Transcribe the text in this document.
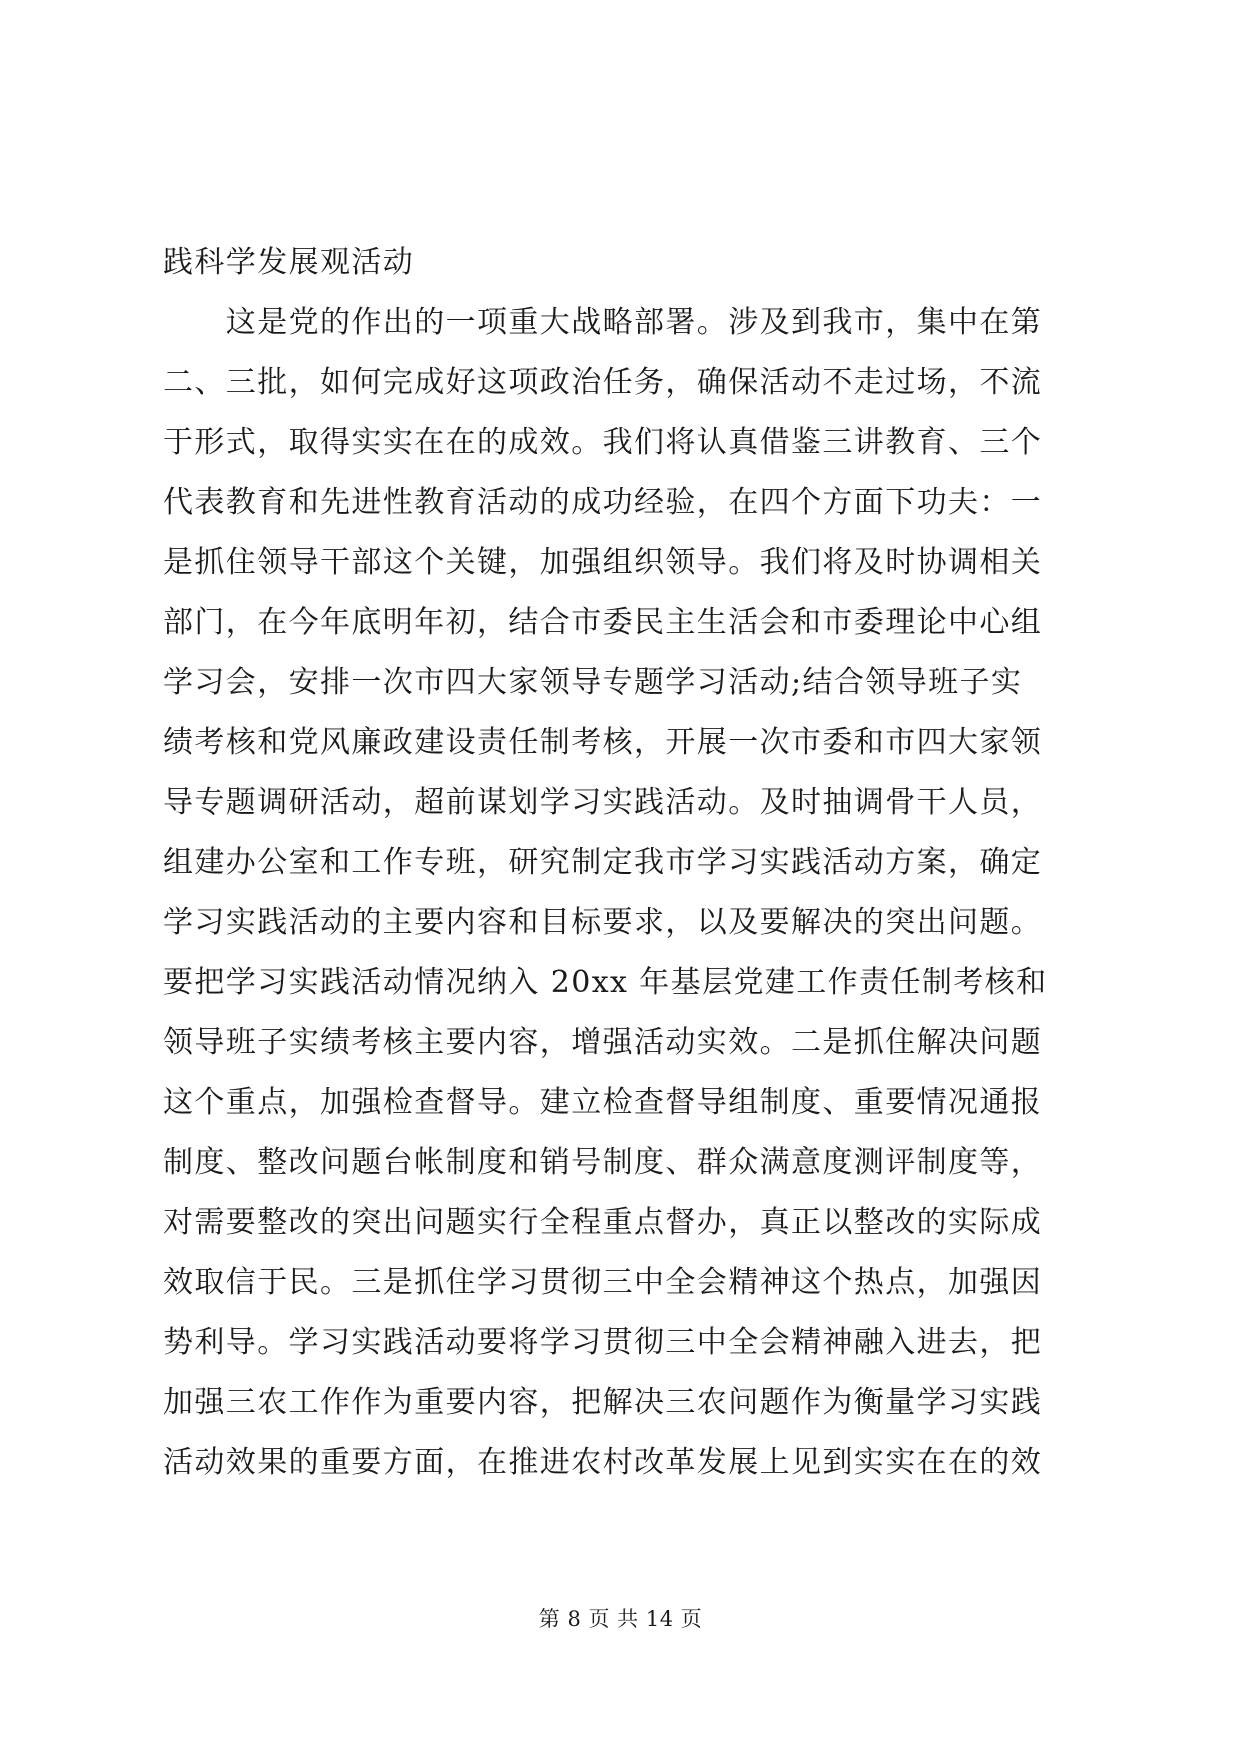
践科学发展观活动
　　这是党的作出的一项重大战略部署。涉及到我市，集中在第
二、三批，如何完成好这项政治任务，确保活动不走过场，不流
于形式，取得实实在在的成效。我们将认真借鉴三讲教育、三个
代表教育和先进性教育活动的成功经验，在四个方面下功夫：一
是抓住领导干部这个关键，加强组织领导。我们将及时协调相关
部门，在今年底明年初，结合市委民主生活会和市委理论中心组
学习会，安排一次市四大家领导专题学习活动;结合领导班子实
绩考核和党风廉政建设责任制考核，开展一次市委和市四大家领
导专题调研活动，超前谋划学习实践活动。及时抽调骨干人员，
组建办公室和工作专班，研究制定我市学习实践活动方案，确定
学习实践活动的主要内容和目标要求，以及要解决的突出问题。
要把学习实践活动情况纳入 20xx 年基层党建工作责任制考核和
领导班子实绩考核主要内容，增强活动实效。二是抓住解决问题
这个重点，加强检查督导。建立检查督导组制度、重要情况通报
制度、整改问题台帐制度和销号制度、群众满意度测评制度等，
对需要整改的突出问题实行全程重点督办，真正以整改的实际成
效取信于民。三是抓住学习贯彻三中全会精神这个热点，加强因
势利导。学习实践活动要将学习贯彻三中全会精神融入进去，把
加强三农工作作为重要内容，把解决三农问题作为衡量学习实践
活动效果的重要方面，在推进农村改革发展上见到实实在在的效
第 8 页 共 14 页
